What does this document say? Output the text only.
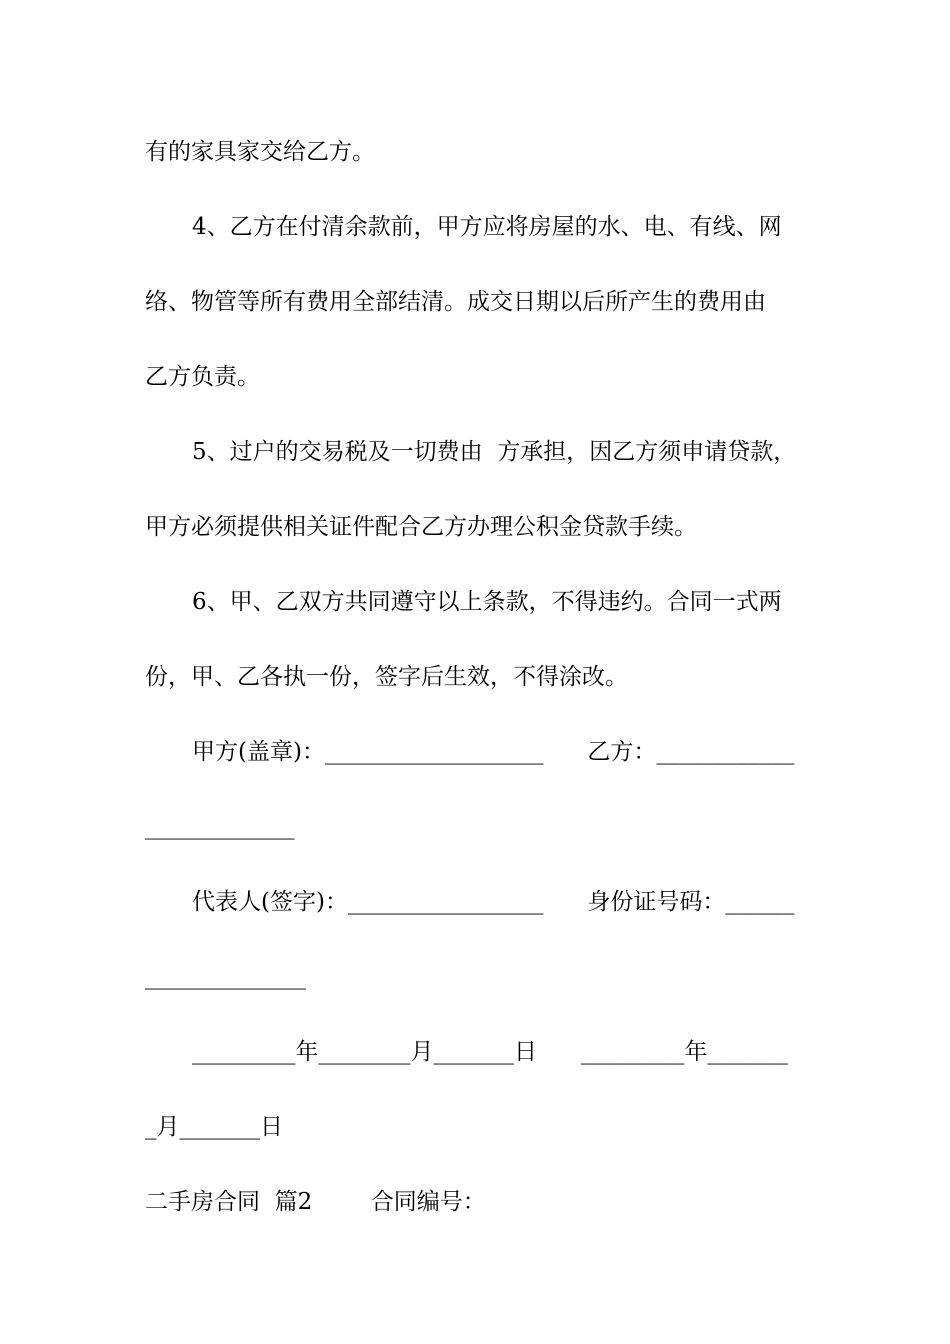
有的家具家交给乙方。
4、乙方在付清余款前，甲方应将房屋的水、电、有线、网
络、物管等所有费用全部结清。成交日期以后所产生的费用由
乙方负责。
5、过户的交易税及一切费由  方承担，因乙方须申请贷款，
甲方必须提供相关证件配合乙方办理公积金贷款手续。
6、甲、乙双方共同遵守以上条款，不得违约。合同一式两
份，甲、乙各执一份，签字后生效，不得涂改。
甲方(盖章)：___________________      乙方：____________
_____________
代表人(签字)：_________________      身份证号码：______
______________
_________年________月_______日      _________年_______
_月_______日
二手房合同  篇2        合同编号：
